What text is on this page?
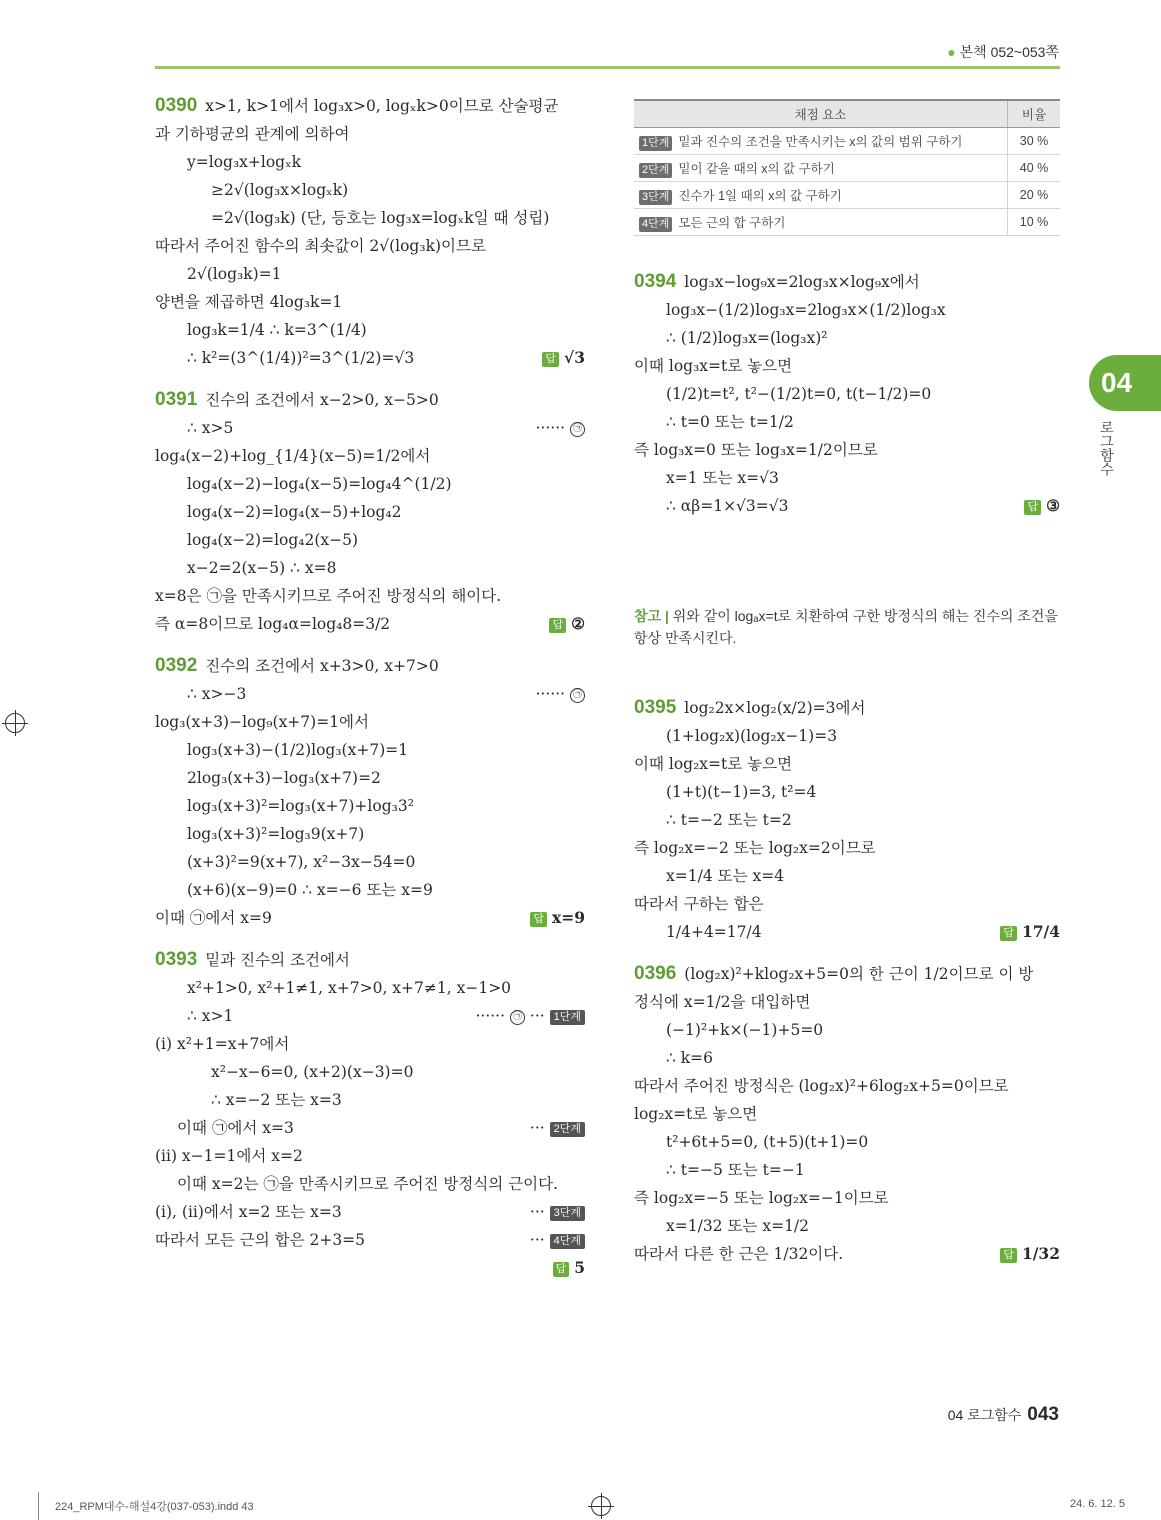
● 본책 052~053쪽
0390 x>1, k>1에서 log₃x>0, logₓk>0이므로 산술평균
과 기하평균의 관계에 의하여
y=log₃x+logₓk
≥2√(log₃x×logₓk)
=2√(log₃k) (단, 등호는 log₃x=logₓk일 때 성립)
따라서 주어진 함수의 최솟값이 2√(log₃k)이므로
2√(log₃k)=1
양변을 제곱하면 4log₃k=1
log₃k=1/4 ∴ k=3^(1/4)
∴ k²=(3^(1/4))²=3^(1/2)=√3	답 √3
0391 진수의 조건에서 x−2>0, x−5>0
∴ x>5	······ ㉠
log₄(x−2)+log_{1/4}(x−5)=1/2에서
log₄(x−2)−log₄(x−5)=log₄4^(1/2)
log₄(x−2)=log₄(x−5)+log₄2
log₄(x−2)=log₄2(x−5)
x−2=2(x−5) ∴ x=8
x=8은 ㉠을 만족시키므로 주어진 방정식의 해이다.
즉 α=8이므로 log₄α=log₄8=3/2	답 ②
0392 진수의 조건에서 x+3>0, x+7>0
∴ x>−3	······ ㉠
log₃(x+3)−log₉(x+7)=1에서
log₃(x+3)−(1/2)log₃(x+7)=1
2log₃(x+3)−log₃(x+7)=2
log₃(x+3)²=log₃(x+7)+log₃3²
log₃(x+3)²=log₃9(x+7)
(x+3)²=9(x+7), x²−3x−54=0
(x+6)(x−9)=0 ∴ x=−6 또는 x=9
이때 ㉠에서 x=9	답 x=9
0393 밑과 진수의 조건에서
x²+1>0, x²+1≠1, x+7>0, x+7≠1, x−1>0
∴ x>1	······ ㉠ ··· 1단계
(i) x²+1=x+7에서
x²−x−6=0, (x+2)(x−3)=0
∴ x=−2 또는 x=3
이때 ㉠에서 x=3	··· 2단계
(ii) x−1=1에서 x=2
이때 x=2는 ㉠을 만족시키므로 주어진 방정식의 근이다.
··· 3단계
(i), (ii)에서 x=2 또는 x=3
따라서 모든 근의 합은 2+3=5	··· 4단계
답 5
채점 요소	비율
1단계 밑과 진수의 조건을 만족시키는 x의 값의 범위 구하기	30 %
2단계 밑이 같을 때의 x의 값 구하기	40 %
3단계 진수가 1일 때의 x의 값 구하기	20 %
4단계 모든 근의 합 구하기	10 %
0394 log₃x−log₉x=2log₃x×log₉x에서
log₃x−(1/2)log₃x=2log₃x×(1/2)log₃x
∴ (1/2)log₃x=(log₃x)²
이때 log₃x=t로 놓으면
(1/2)t=t², t²−(1/2)t=0, t(t−1/2)=0
∴ t=0 또는 t=1/2
즉 log₃x=0 또는 log₃x=1/2이므로
x=1 또는 x=√3
∴ αβ=1×√3=√3	답 ③
참고 | 위와 같이 logₐx=t로 치환하여 구한 방정식의 해는 진수의 조건을 항상 만족시킨다.
0395 log₂2x×log₂(x/2)=3에서
(1+log₂x)(log₂x−1)=3
이때 log₂x=t로 놓으면
(1+t)(t−1)=3, t²=4
∴ t=−2 또는 t=2
즉 log₂x=−2 또는 log₂x=2이므로
x=1/4 또는 x=4
따라서 구하는 합은
1/4+4=17/4	답 17/4
0396 (log₂x)²+klog₂x+5=0의 한 근이 1/2이므로 이 방
정식에 x=1/2을 대입하면
(−1)²+k×(−1)+5=0
∴ k=6
따라서 주어진 방정식은 (log₂x)²+6log₂x+5=0이므로
log₂x=t로 놓으면
t²+6t+5=0, (t+5)(t+1)=0
∴ t=−5 또는 t=−1
즉 log₂x=−5 또는 log₂x=−1이므로
x=1/32 또는 x=1/2
따라서 다른 한 근은 1/32이다.	답 1/32
04
로그함수
04 로그함수 043
224_RPM대수-해설4강(037-053).indd 43	24. 6. 12. 5
